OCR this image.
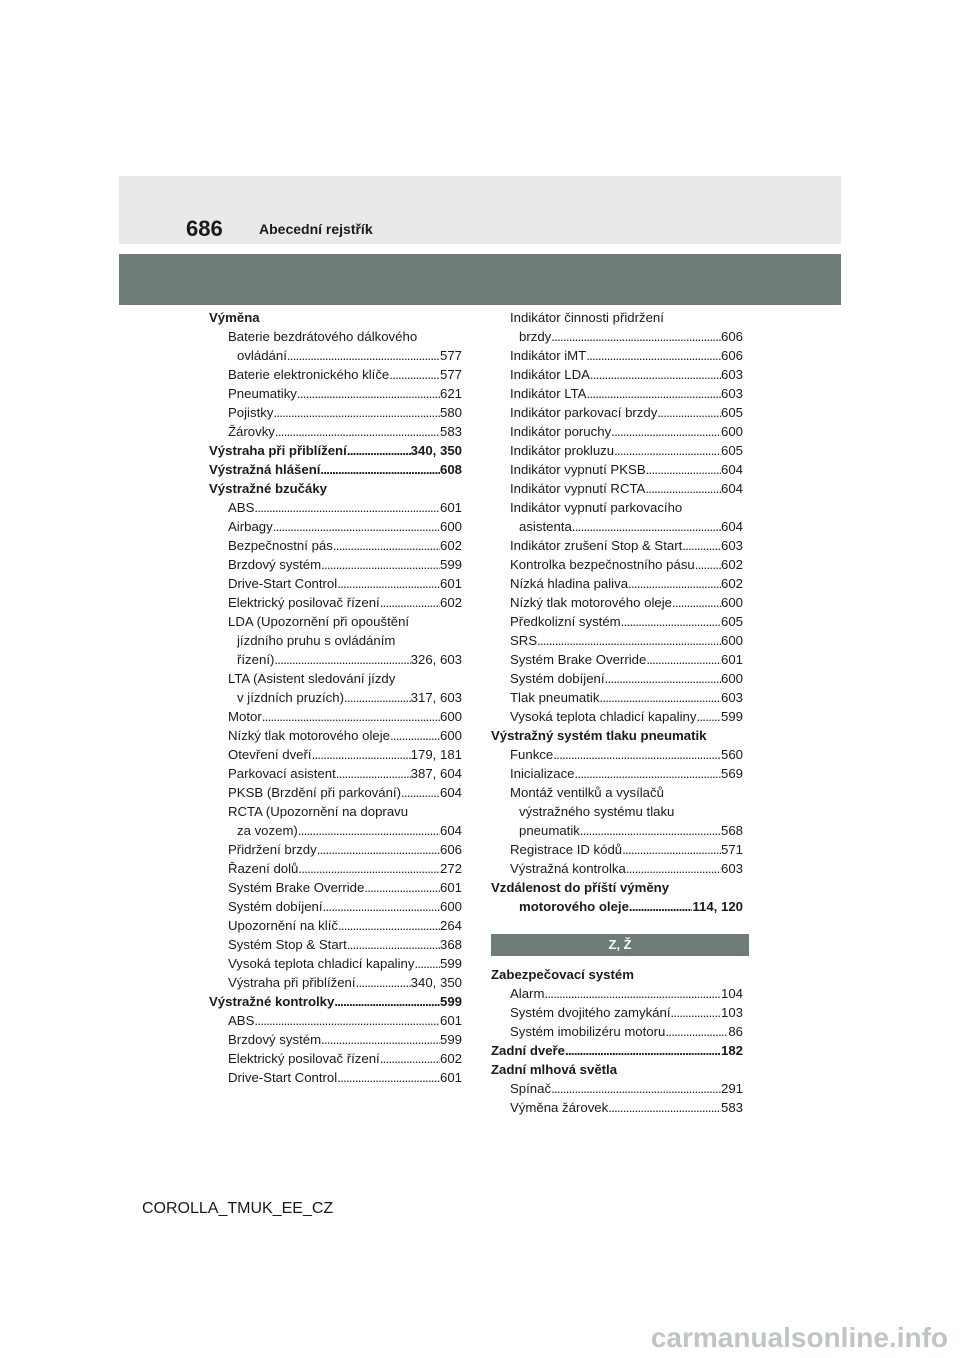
686	Abecední rejstřík
Výměna
Baterie bezdrátového dálkového
ovládání . . .	577
Baterie elektronického klíče . . .	577
Pneumatiky . . .	621
Pojistky . . .	580
Žárovky . . .	583
Výstraha při přiblížení . . .	340, 350
Výstražná hlášení . . .	608
Výstražné bzučáky
ABS . . .	601
Airbagy . . .	600
Bezpečnostní pás . . .	602
Brzdový systém . . .	599
Drive-Start Control . . .	601
Elektrický posilovač řízení . . .	602
LDA (Upozornění při opouštění
jízdního pruhu s ovládáním
řízení) . . .	326, 603
LTA (Asistent sledování jízdy
v jízdních pruzích) . . .	317, 603
Motor . . .	600
Nízký tlak motorového oleje . . .	600
Otevření dveří . . .	179, 181
Parkovací asistent . . .	387, 604
PKSB (Brzdění při parkování) . . .	604
RCTA (Upozornění na dopravu
za vozem) . . .	604
Přidržení brzdy . . .	606
Řazení dolů . . .	272
Systém Brake Override . . .	601
Systém dobíjení . . .	600
Upozornění na klíč . . .	264
Systém Stop & Start . . .	368
Vysoká teplota chladicí kapaliny . . . 599
Výstraha při přiblížení . . .	340, 350
Výstražné kontrolky . . .	599
ABS . . .	601
Brzdový systém . . .	599
Elektrický posilovač řízení . . .	602
Drive-Start Control . . .	601
Indikátor činnosti přidržení
brzdy . . .	606
Indikátor iMT . . .	606
Indikátor LDA . . .	603
Indikátor LTA . . .	603
Indikátor parkovací brzdy . . .	605
Indikátor poruchy . . .	600
Indikátor prokluzu . . .	605
Indikátor vypnutí PKSB . . .	604
Indikátor vypnutí RCTA . . .	604
Indikátor vypnutí parkovacího
asistenta . . .	604
Indikátor zrušení Stop & Start . . .	603
Kontrolka bezpečnostního pásu . . . 602
Nízká hladina paliva . . .	602
Nízký tlak motorového oleje . . .	600
Předkolizní systém . . .	605
SRS . . .	600
Systém Brake Override . . .	601
Systém dobíjení . . .	600
Tlak pneumatik . . .	603
Vysoká teplota chladicí kapaliny . . . 599
Výstražný systém tlaku pneumatik
Funkce . . .	560
Inicializace . . .	569
Montáž ventilků a vysílačů
výstražného systému tlaku
pneumatik . . .	568
Registrace ID kódů . . .	571
Výstražná kontrolka . . .	603
Vzdálenost do příští výměny
motorového oleje . . .	114, 120
Z, Ž
Zabezpečovací systém
Alarm . . .	104
Systém dvojitého zamykání . . .	103
Systém imobilizéru motoru . . .	86
Zadní dveře . . .	182
Zadní mlhová světla
Spínač . . .	291
Výměna žárovek . . .	583
COROLLA_TMUK_EE_CZ
carmanualsonline.info
